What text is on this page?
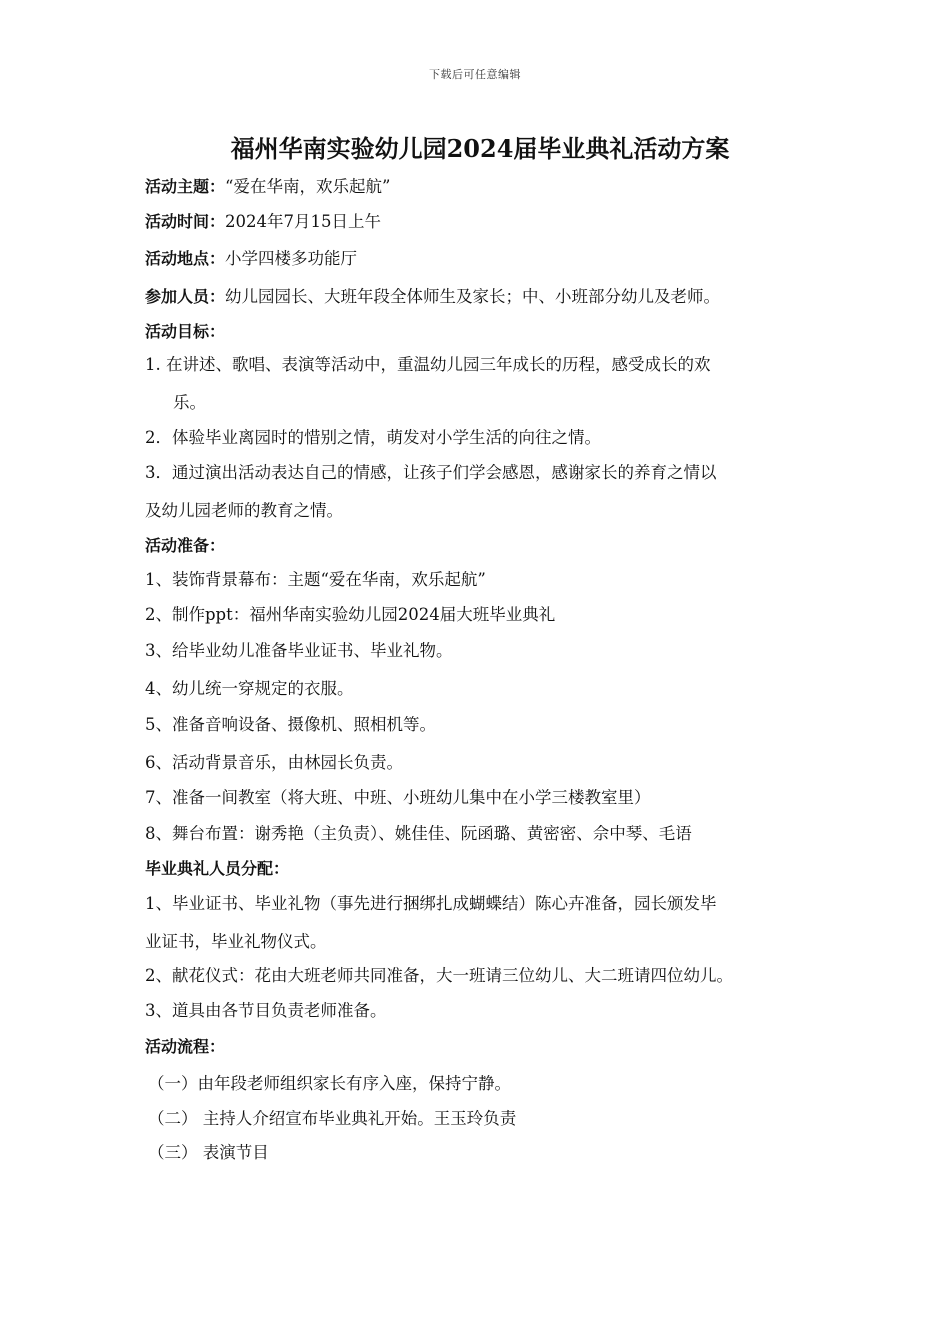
下载后可任意编辑
福州华南实验幼儿园2024届毕业典礼活动方案
活动主题：“爱在华南，欢乐起航”
活动时间：2024年7月15日上午
活动地点：小学四楼多功能厅
参加人员：幼儿园园长、大班年段全体师生及家长；中、小班部分幼儿及老师。
活动目标：
1. 在讲述、歌唱、表演等活动中，重温幼儿园三年成长的历程，感受成长的欢
乐。
2．体验毕业离园时的惜别之情，萌发对小学生活的向往之情。
3．通过演出活动表达自己的情感，让孩子们学会感恩，感谢家长的养育之情以
及幼儿园老师的教育之情。
活动准备：
1、装饰背景幕布：主题“爱在华南，欢乐起航”
2、制作ppt：福州华南实验幼儿园2024届大班毕业典礼
3、给毕业幼儿准备毕业证书、毕业礼物。
4、幼儿统一穿规定的衣服。
5、准备音响设备、摄像机、照相机等。
6、活动背景音乐，由林园长负责。
7、准备一间教室（将大班、中班、小班幼儿集中在小学三楼教室里）
8、舞台布置：谢秀艳（主负责）、姚佳佳、阮函璐、黄密密、佘中琴、毛语
毕业典礼人员分配：
1、毕业证书、毕业礼物（事先进行捆绑扎成蝴蝶结）陈心卉准备，园长颁发毕
业证书，毕业礼物仪式。
2、献花仪式：花由大班老师共同准备，大一班请三位幼儿、大二班请四位幼儿。
3、道具由各节目负责老师准备。
活动流程：
（一）由年段老师组织家长有序入座，保持宁静。
（二） 主持人介绍宣布毕业典礼开始。王玉玲负责
（三） 表演节目
